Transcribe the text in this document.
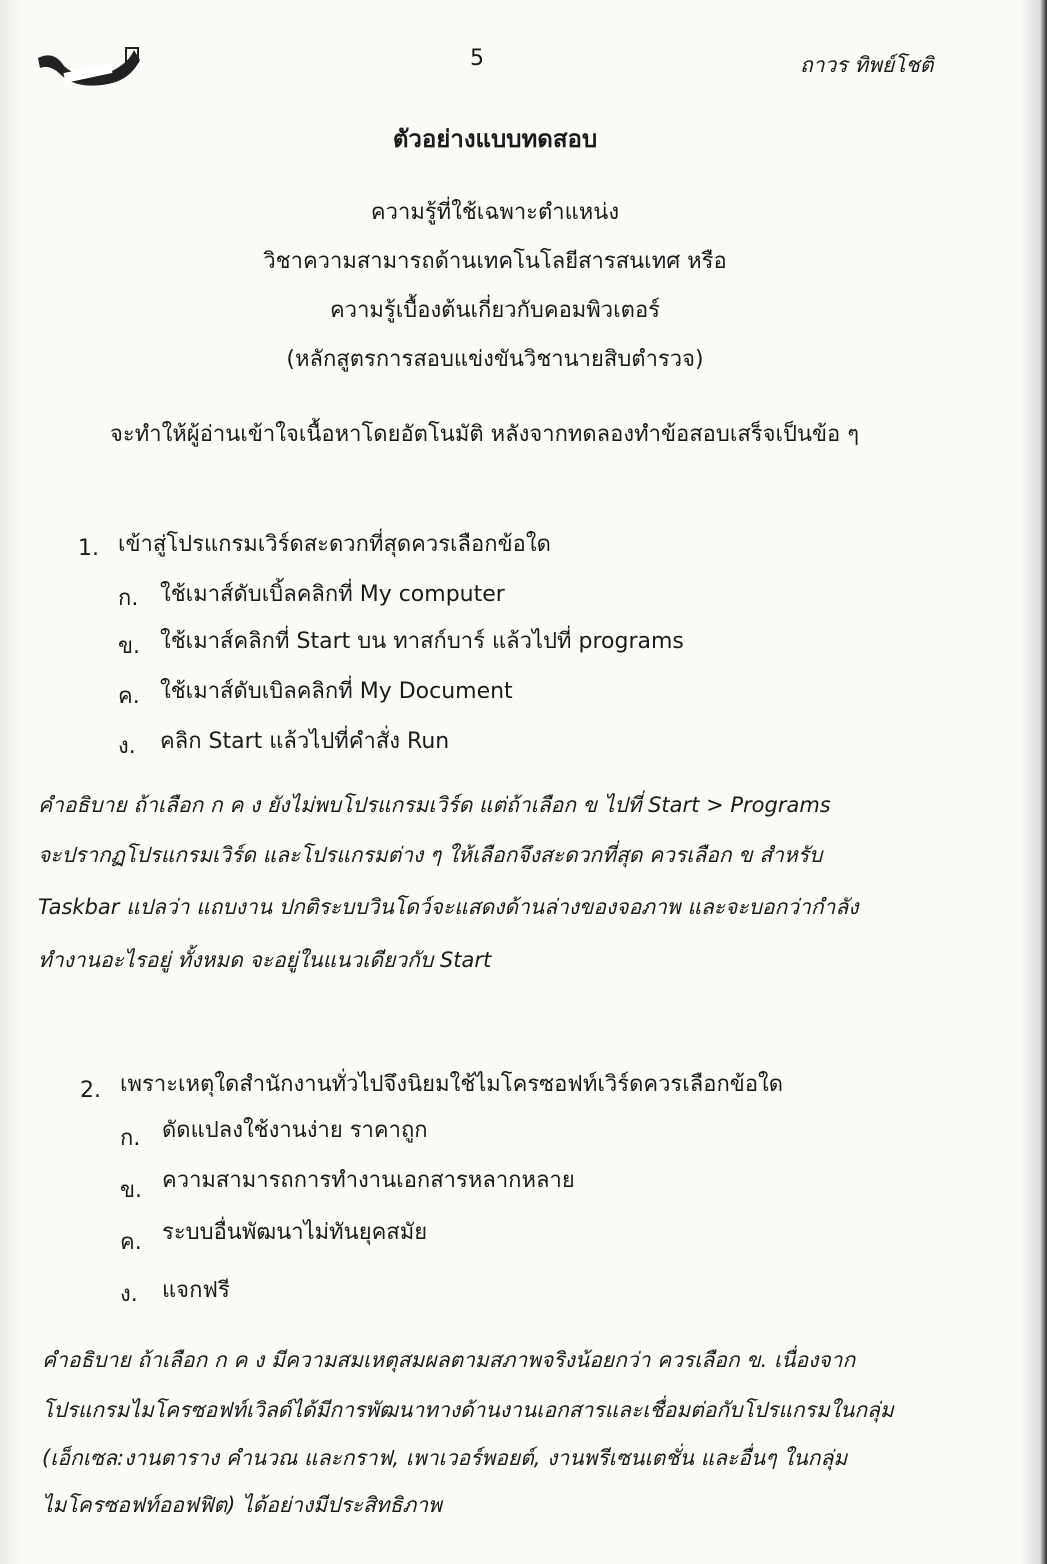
5	ถาวร ทิพย์โชติ
ตัวอย่างแบบทดสอบ
ความรู้ที่ใช้เฉพาะตำแหน่ง
วิชาความสามารถด้านเทคโนโลยีสารสนเทศ หรือ
ความรู้เบื้องต้นเกี่ยวกับคอมพิวเตอร์
(หลักสูตรการสอบแข่งขันวิชานายสิบตำรวจ)
จะทำให้ผู้อ่านเข้าใจเนื้อหาโดยอัตโนมัติ หลังจากทดลองทำข้อสอบเสร็จเป็นข้อ ๆ
1. เข้าสู่โปรแกรมเวิร์ดสะดวกที่สุดควรเลือกข้อใด
ก. ใช้เมาส์ดับเบิ้ลคลิกที่ My computer
ข. ใช้เมาส์คลิกที่ Start บน ทาสก์บาร์ แล้วไปที่ programs
ค. ใช้เมาส์ดับเบิลคลิกที่ My Document
ง. คลิก Start แล้วไปที่คำสั่ง Run
คำอธิบาย ถ้าเลือก ก ค ง ยังไม่พบโปรแกรมเวิร์ด แต่ถ้าเลือก ข ไปที่ Start > Programs
จะปรากฏโปรแกรมเวิร์ด และโปรแกรมต่าง ๆ ให้เลือกจึงสะดวกที่สุด ควรเลือก ข สำหรับ
Taskbar แปลว่า แถบงาน ปกติระบบวินโดว์จะแสดงด้านล่างของจอภาพ และจะบอกว่ากำลัง
ทำงานอะไรอยู่ ทั้งหมด จะอยู่ในแนวเดียวกับ Start
2. เพราะเหตุใดสำนักงานทั่วไปจึงนิยมใช้ไมโครซอฟท์เวิร์ดควรเลือกข้อใด
ก. ดัดแปลงใช้งานง่าย ราคาถูก
ข. ความสามารถการทำงานเอกสารหลากหลาย
ค. ระบบอื่นพัฒนาไม่ทันยุคสมัย
ง. แจกฟรี
คำอธิบาย ถ้าเลือก ก ค ง มีความสมเหตุสมผลตามสภาพจริงน้อยกว่า ควรเลือก ข. เนื่องจาก
โปรแกรมไมโครซอฟท์เวิลด์ได้มีการพัฒนาทางด้านงานเอกสารและเชื่อมต่อกับโปรแกรมในกลุ่ม
(เอ็กเซล:งานตาราง คำนวณ และกราฟ, เพาเวอร์พอยต์, งานพรีเซนเตชั่น และอื่นๆ ในกลุ่ม
ไมโครซอฟท์ออฟฟิต) ได้อย่างมีประสิทธิภาพ
